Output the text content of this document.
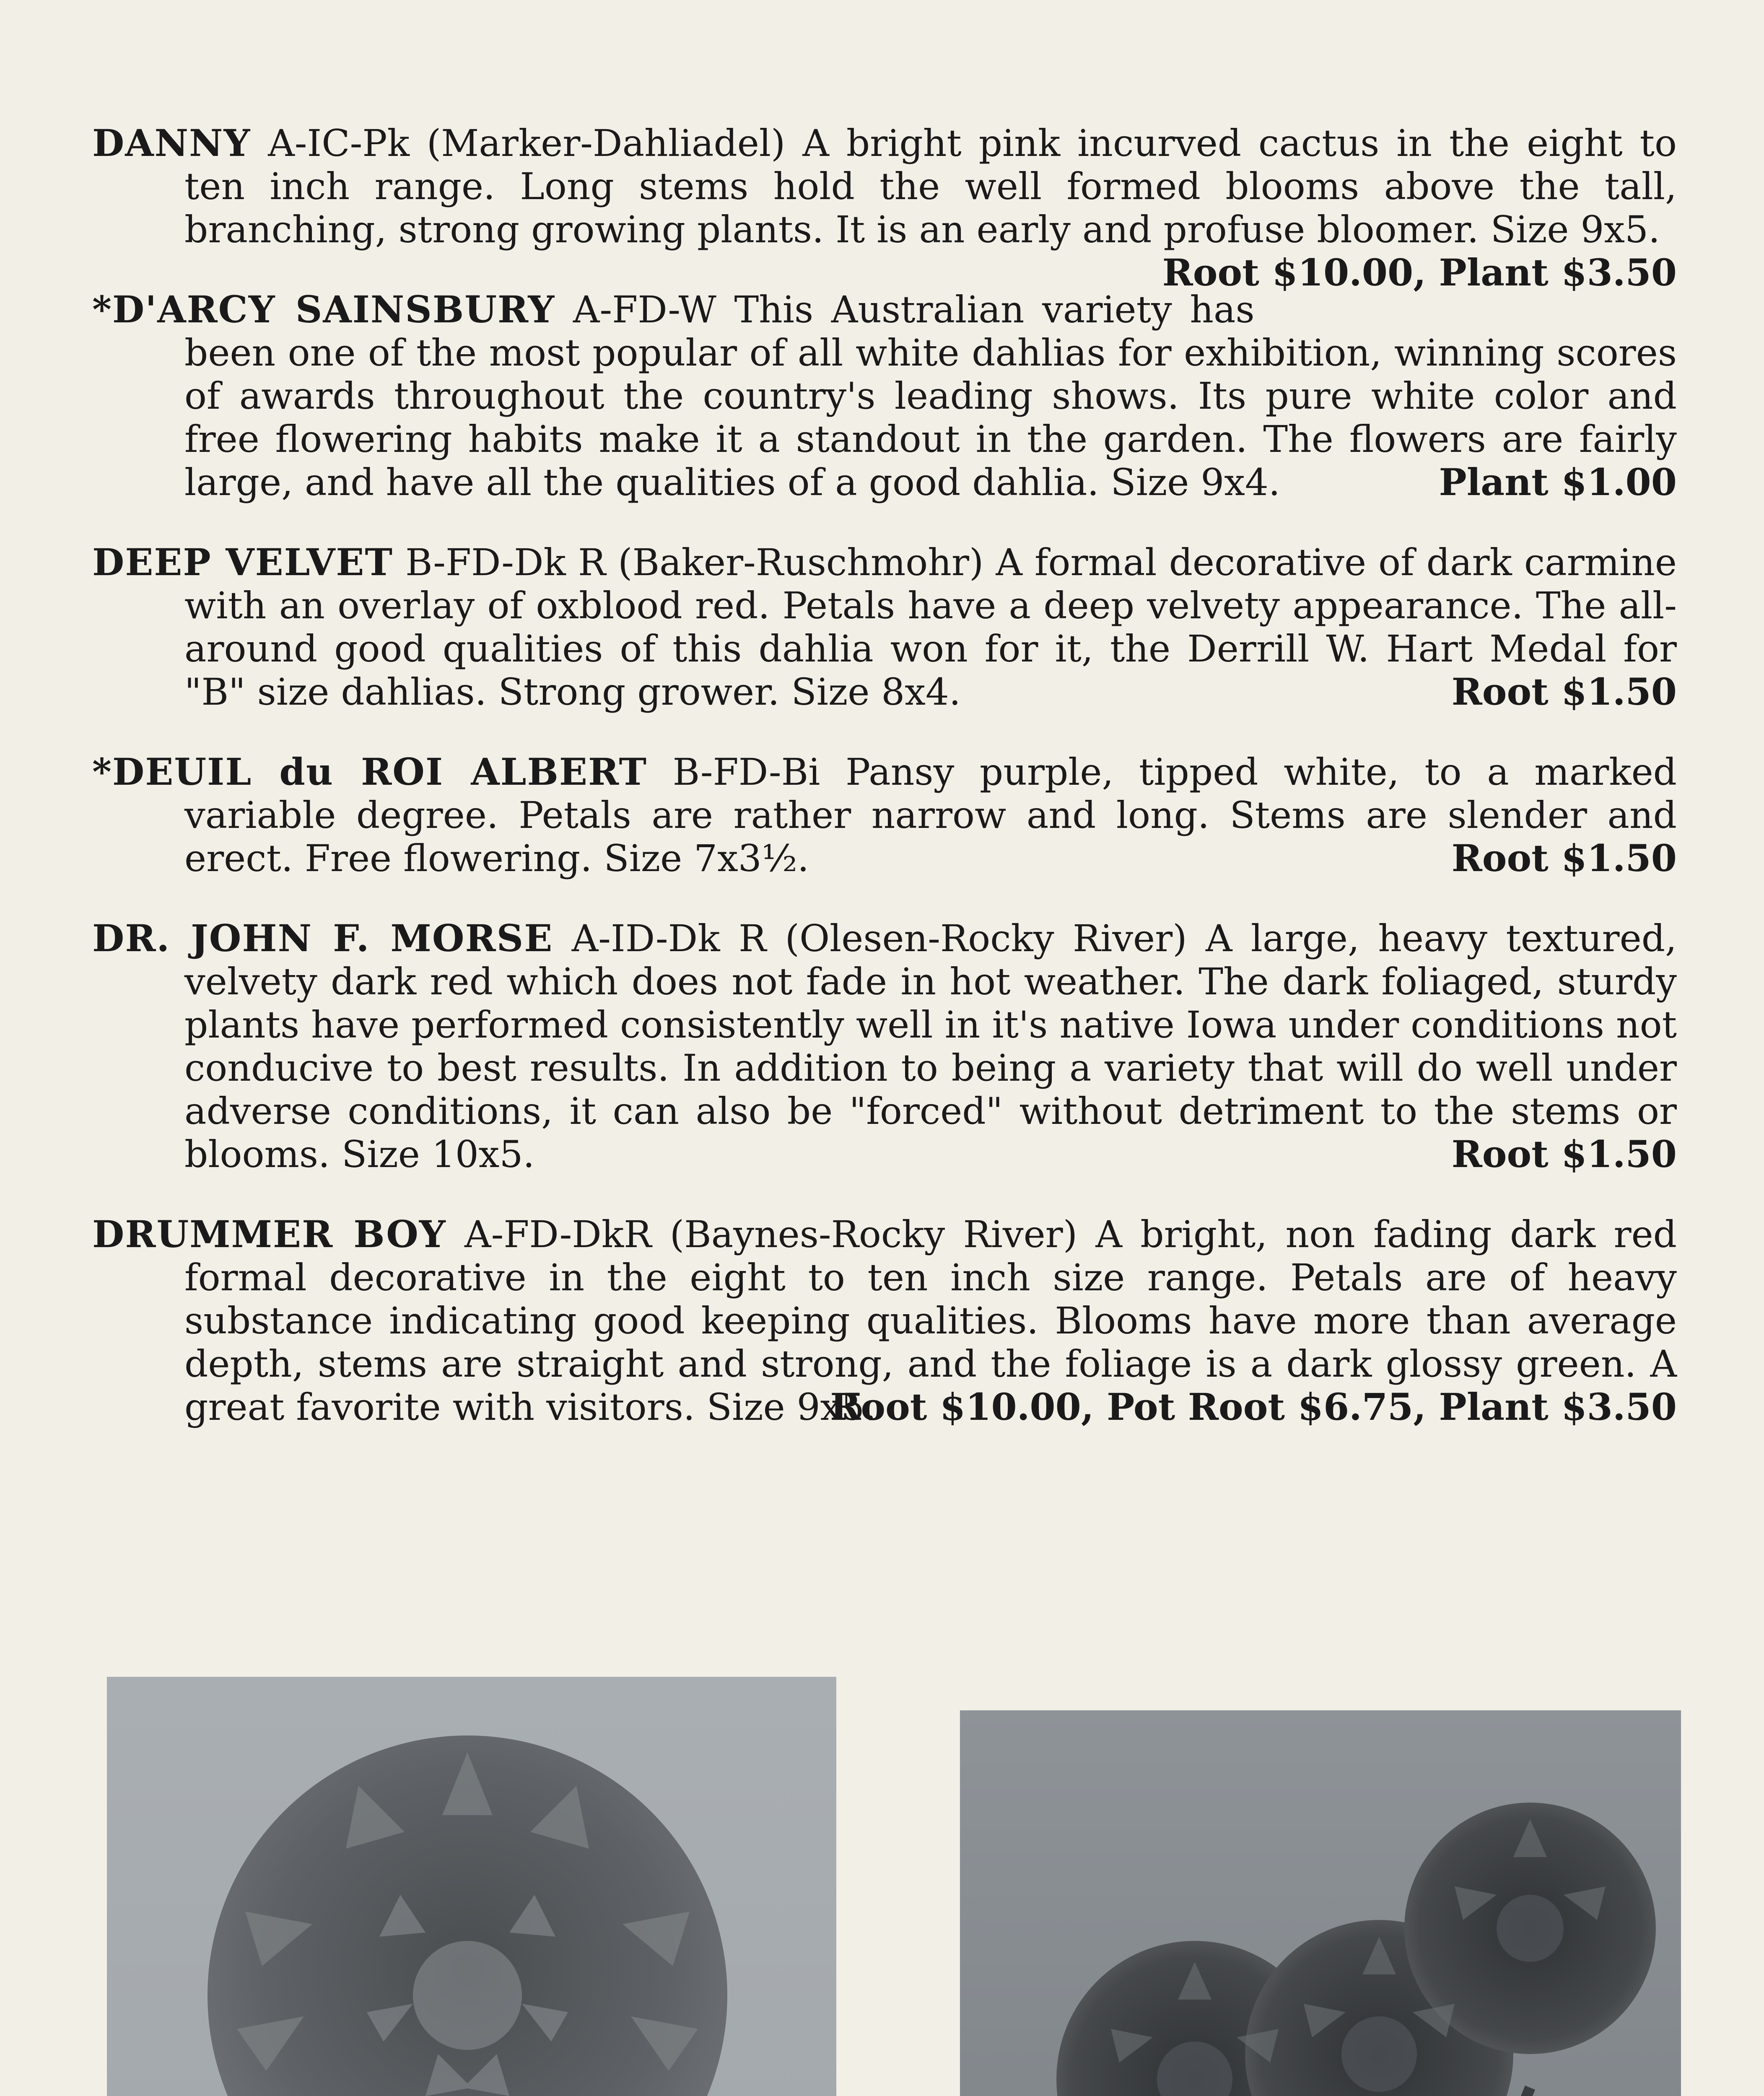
DANNY A-IC-Pk (Marker-Dahliadel) A bright pink incurved cactus in the eight to ten inch range. Long stems hold the well formed blooms above the tall, branching, strong growing plants. It is an early and profuse bloomer. Size 9x5.
Root $10.00, Plant $3.50

*D'ARCY SAINSBURY A-FD-W This Australian variety has been one of the most popular of all white dahlias for exhibition, winning scores of awards throughout the country's leading shows. Its pure white color and free flowering habits make it a standout in the garden. The flowers are fairly large, and have all the qualities of a good dahlia. Size 9x4.	Plant $1.00

DEEP VELVET B-FD-Dk R (Baker-Ruschmohr) A formal decorative of dark carmine with an overlay of oxblood red. Petals have a deep velvety appearance. The all-around good qualities of this dahlia won for it, the Derrill W. Hart Medal for "B" size dahlias. Strong grower. Size 8x4.	Root $1.50

*DEUIL du ROI ALBERT B-FD-Bi Pansy purple, tipped white, to a marked variable degree. Petals are rather narrow and long. Stems are slender and erect. Free flowering. Size 7x3½.	Root $1.50

DR. JOHN F. MORSE A-ID-Dk R (Olesen-Rocky River) A large, heavy textured, velvety dark red which does not fade in hot weather. The dark foliaged, sturdy plants have performed consistently well in it's native Iowa under conditions not conducive to best results. In addition to being a variety that will do well under adverse conditions, it can also be "forced" without detriment to the stems or blooms. Size 10x5.	Root $1.50

DRUMMER BOY A-FD-DkR (Baynes-Rocky River) A bright, non fading dark red formal decorative in the eight to ten inch size range. Petals are of heavy substance indicating good keeping qualities. Blooms have more than average depth, stems are straight and strong, and the foliage is a dark glossy green. A great favorite with visitors. Size 9x5.
Root $10.00, Pot Root $6.75, Plant $3.50
